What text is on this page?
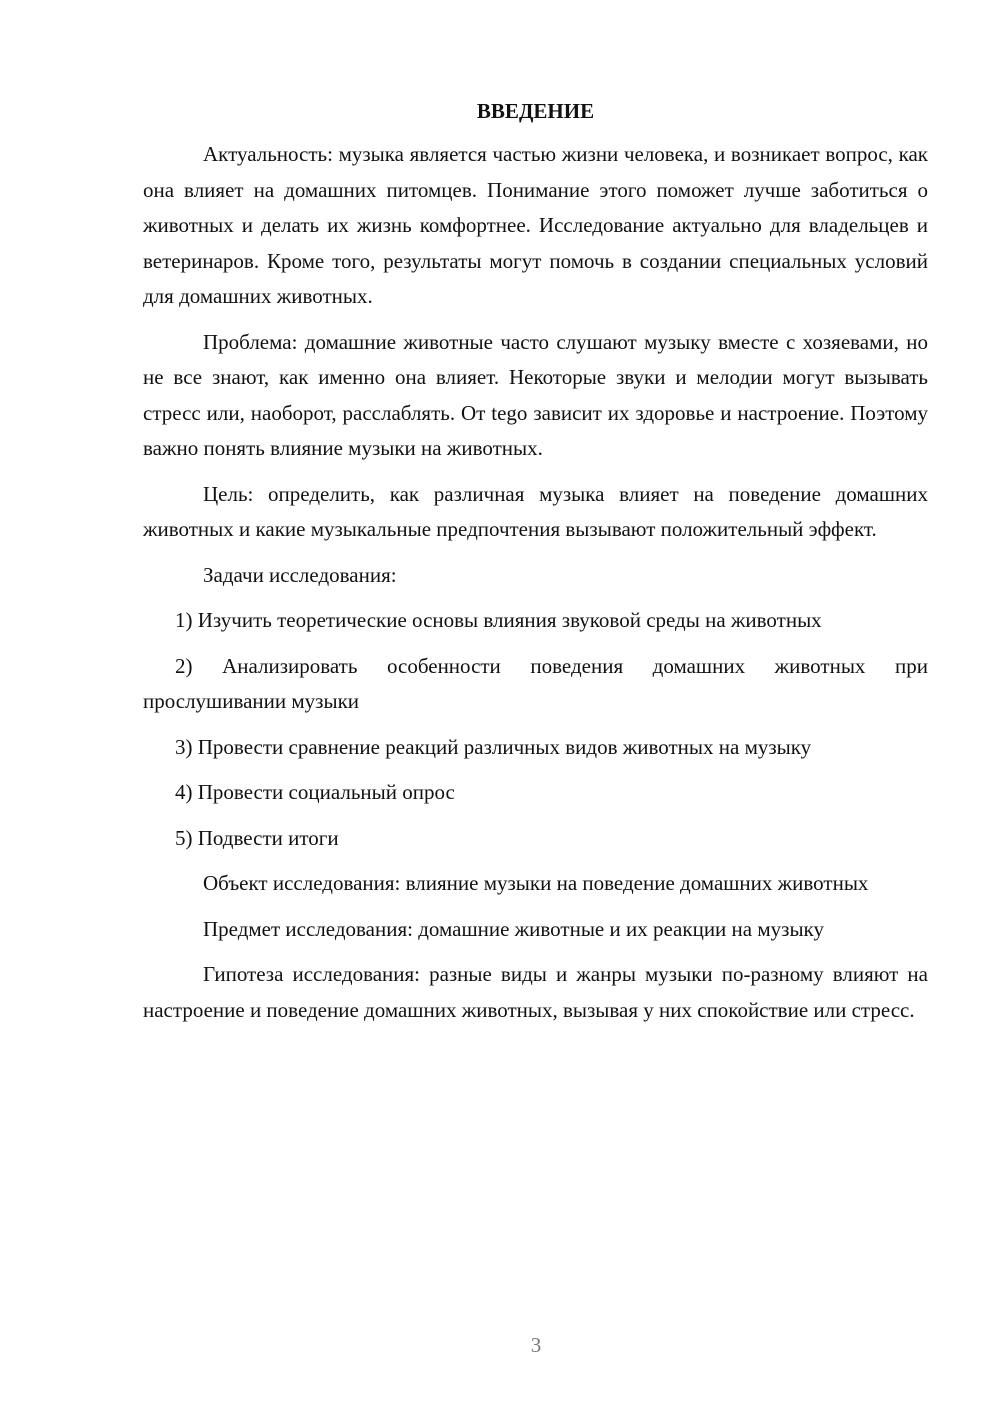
ВВЕДЕНИЕ

Актуальность: музыка является частью жизни человека, и возникает вопрос, как она влияет на домашних питомцев. Понимание этого поможет лучше заботиться о животных и делать их жизнь комфортнее. Исследование актуально для владельцев и ветеринаров. Кроме того, результаты могут помочь в создании специальных условий для домашних животных.

Проблема: домашние животные часто слушают музыку вместе с хозяевами, но не все знают, как именно она влияет. Некоторые звуки и мелодии могут вызывать стресс или, наоборот, расслаблять. От tego зависит их здоровье и настроение. Поэтому важно понять влияние музыки на животных.

Цель: определить, как различная музыка влияет на поведение домашних животных и какие музыкальные предпочтения вызывают положительный эффект.

Задачи исследования:

1) Изучить теоретические основы влияния звуковой среды на животных

2) Анализировать особенности поведения домашних животных при прослушивании музыки

3) Провести сравнение реакций различных видов животных на музыку

4) Провести социальный опрос

5) Подвести итоги

Объект исследования: влияние музыки на поведение домашних животных

Предмет исследования: домашние животные и их реакции на музыку

Гипотеза исследования: разные виды и жанры музыки по-разному влияют на настроение и поведение домашних животных, вызывая у них спокойствие или стресс.

3
